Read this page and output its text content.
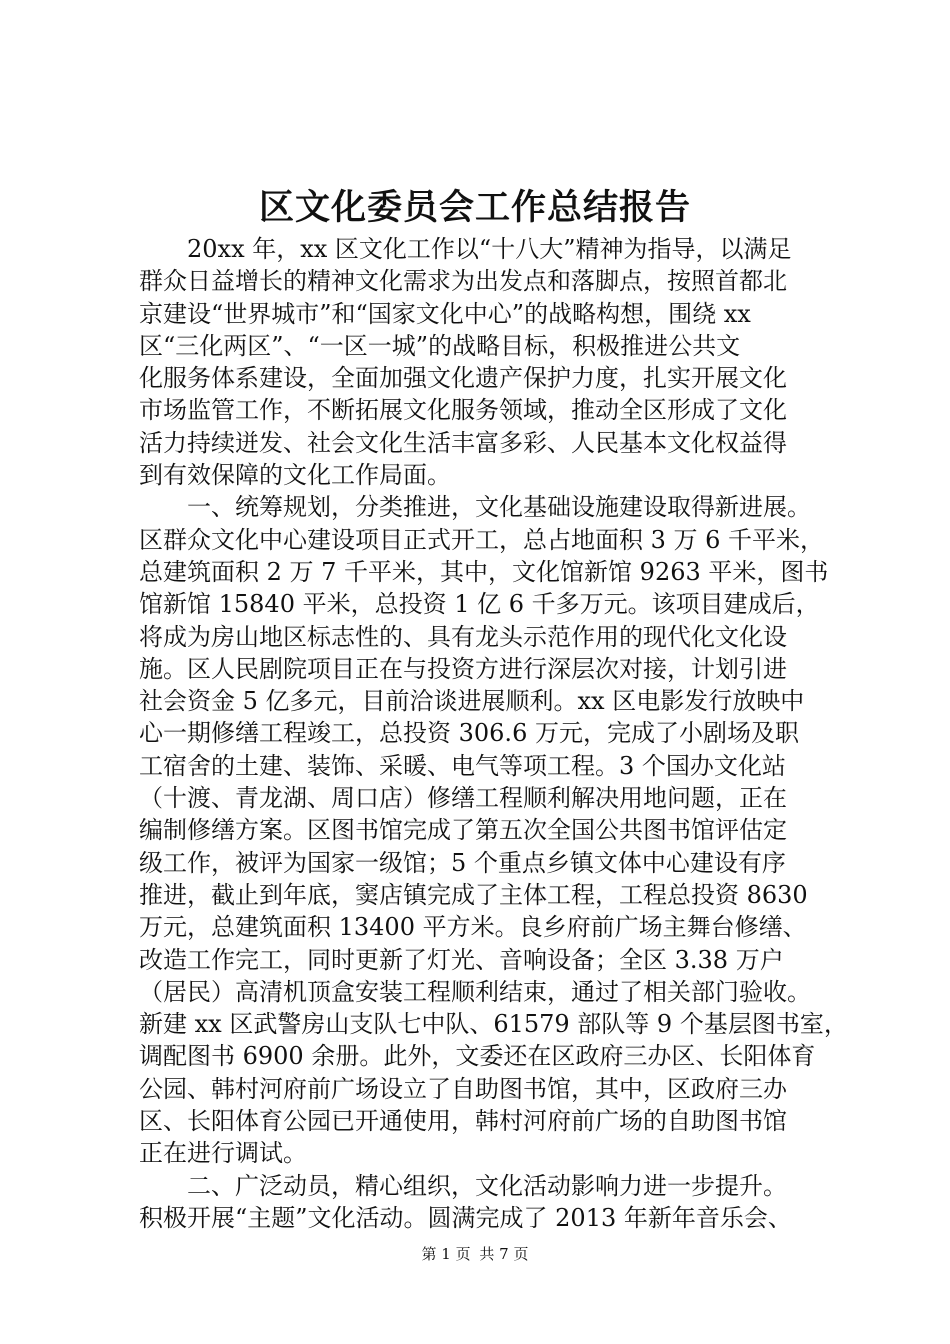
区文化委员会工作总结报告
20xx 年，xx 区文化工作以“十八大”精神为指导，以满足
群众日益增长的精神文化需求为出发点和落脚点，按照首都北
京建设“世界城市”和“国家文化中心”的战略构想，围绕 xx
区“三化两区”、“一区一城”的战略目标，积极推进公共文
化服务体系建设，全面加强文化遗产保护力度，扎实开展文化
市场监管工作，不断拓展文化服务领域，推动全区形成了文化
活力持续迸发、社会文化生活丰富多彩、人民基本文化权益得
到有效保障的文化工作局面。
一、统筹规划，分类推进，文化基础设施建设取得新进展。
区群众文化中心建设项目正式开工，总占地面积 3 万 6 千平米，
总建筑面积 2 万 7 千平米，其中，文化馆新馆 9263 平米，图书
馆新馆 15840 平米，总投资 1 亿 6 千多万元。该项目建成后，
将成为房山地区标志性的、具有龙头示范作用的现代化文化设
施。区人民剧院项目正在与投资方进行深层次对接，计划引进
社会资金 5 亿多元，目前洽谈进展顺利。xx 区电影发行放映中
心一期修缮工程竣工，总投资 306.6 万元，完成了小剧场及职
工宿舍的土建、装饰、采暖、电气等项工程。3 个国办文化站
（十渡、青龙湖、周口店）修缮工程顺利解决用地问题，正在
编制修缮方案。区图书馆完成了第五次全国公共图书馆评估定
级工作，被评为国家一级馆；5 个重点乡镇文体中心建设有序
推进，截止到年底，窦店镇完成了主体工程，工程总投资 8630
万元，总建筑面积 13400 平方米。良乡府前广场主舞台修缮、
改造工作完工，同时更新了灯光、音响设备；全区 3.38 万户
（居民）高清机顶盒安装工程顺利结束，通过了相关部门验收。
新建 xx 区武警房山支队七中队、61579 部队等 9 个基层图书室，
调配图书 6900 余册。此外，文委还在区政府三办区、长阳体育
公园、韩村河府前广场设立了自助图书馆，其中，区政府三办
区、长阳体育公园已开通使用，韩村河府前广场的自助图书馆
正在进行调试。
二、广泛动员，精心组织，文化活动影响力进一步提升。
积极开展“主题”文化活动。圆满完成了 2013 年新年音乐会、
第 1 页 共 7 页
